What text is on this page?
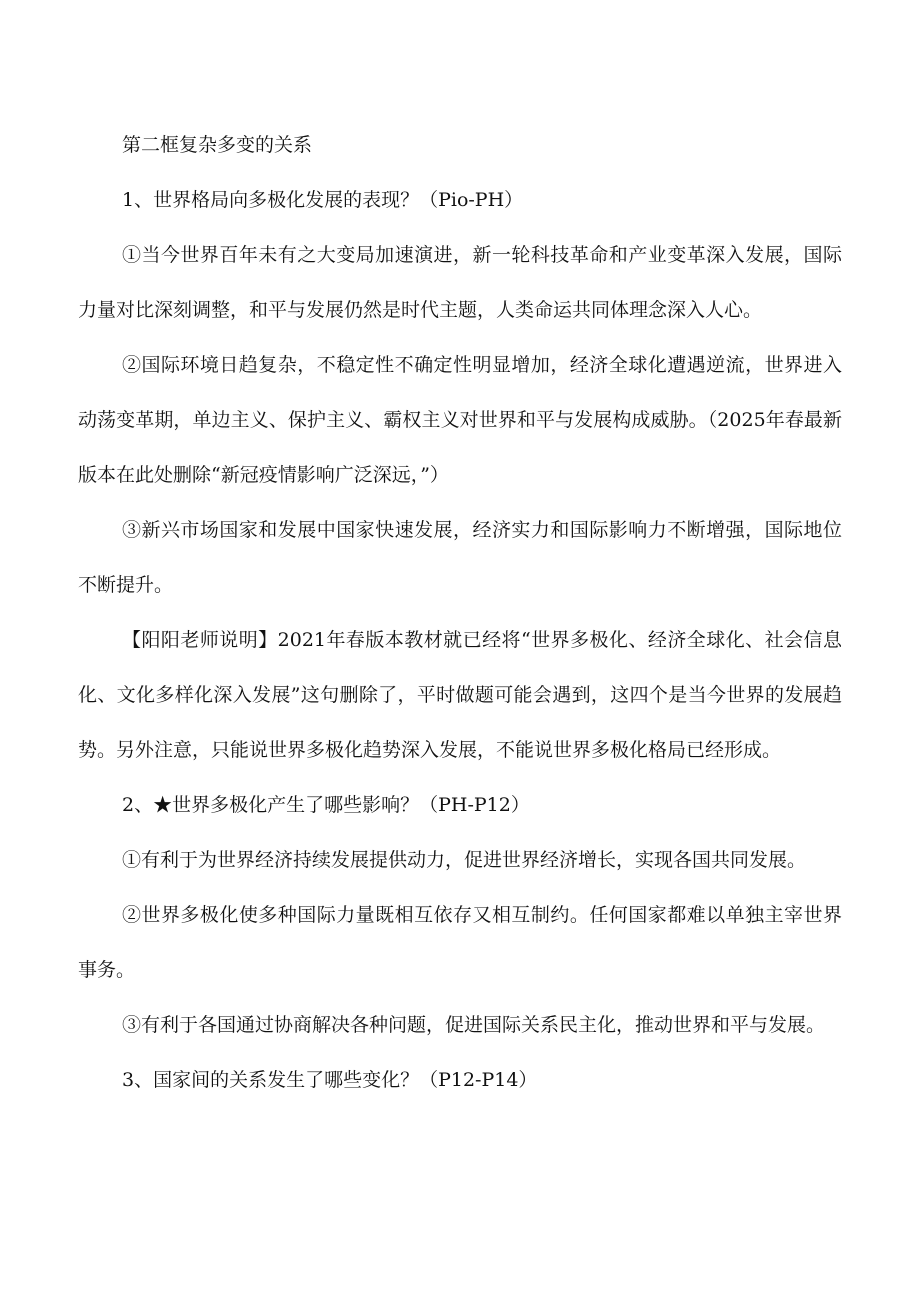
第二框复杂多变的关系

1、世界格局向多极化发展的表现？（Pio-PH）

①当今世界百年未有之大变局加速演进，新一轮科技革命和产业变革深入发展，国际力量对比深刻调整，和平与发展仍然是时代主题，人类命运共同体理念深入人心。

②国际环境日趋复杂，不稳定性不确定性明显增加，经济全球化遭遇逆流，世界进入动荡变革期，单边主义、保护主义、霸权主义对世界和平与发展构成威胁。（2025年春最新版本在此处删除“新冠疫情影响广泛深远，”）

③新兴市场国家和发展中国家快速发展，经济实力和国际影响力不断增强，国际地位不断提升。

【阳阳老师说明】2021年春版本教材就已经将“世界多极化、经济全球化、社会信息化、文化多样化深入发展”这句删除了，平时做题可能会遇到，这四个是当今世界的发展趋势。另外注意，只能说世界多极化趋势深入发展，不能说世界多极化格局已经形成。

2、★世界多极化产生了哪些影响？（PH-P12）

①有利于为世界经济持续发展提供动力，促进世界经济增长，实现各国共同发展。

②世界多极化使多种国际力量既相互依存又相互制约。任何国家都难以单独主宰世界事务。

③有利于各国通过协商解决各种问题，促进国际关系民主化，推动世界和平与发展。

3、国家间的关系发生了哪些变化？（P12-P14）
